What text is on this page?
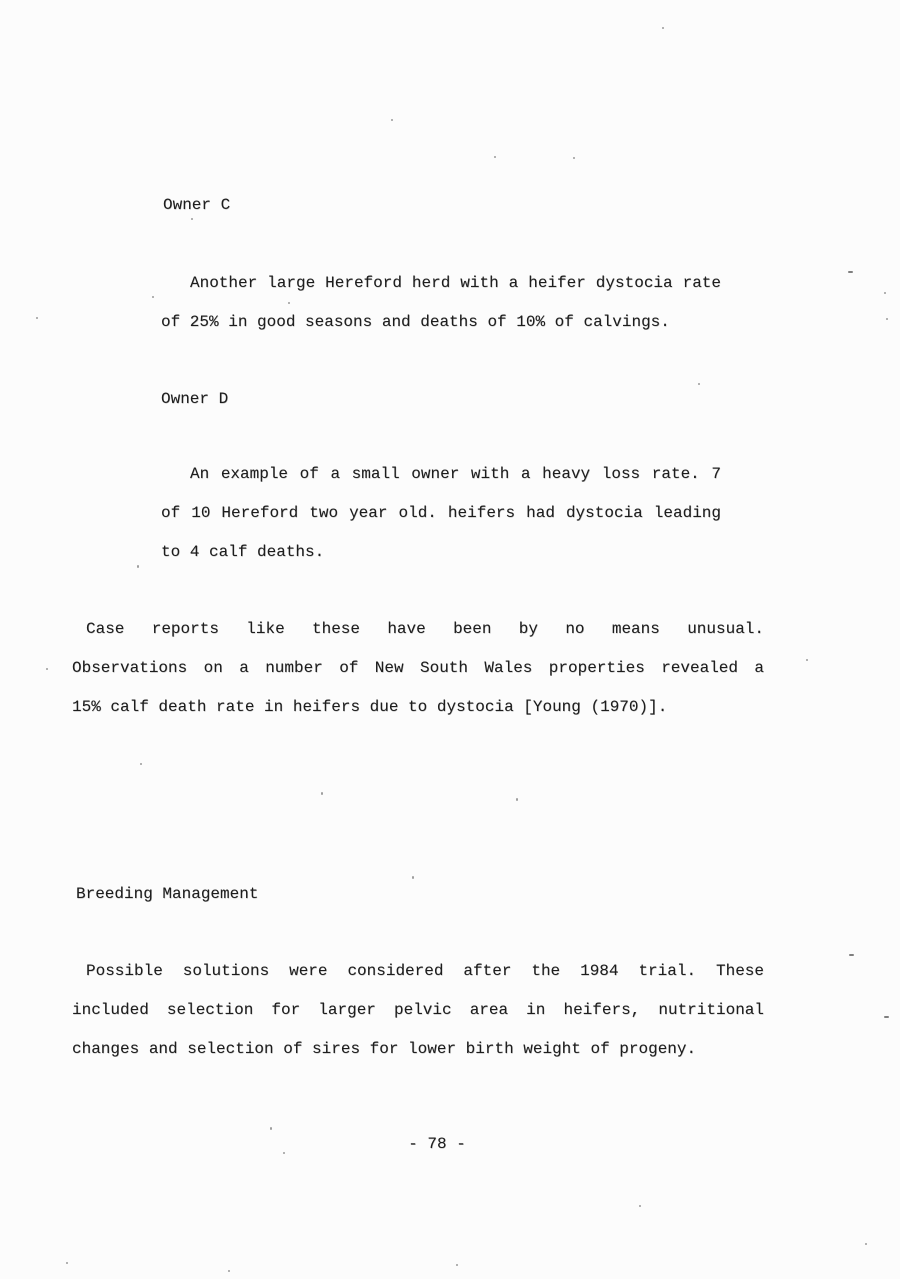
Owner C
Another large Hereford herd with a heifer dystocia rate
of 25% in good seasons and deaths of 10% of calvings.
Owner D
An example of a small owner with a heavy loss rate. 7
of 10 Hereford two year old. heifers had dystocia leading
to 4 calf deaths.
Case reports like these have been by no means unusual.
Observations on a number of New South Wales properties revealed a
15% calf death rate in heifers due to dystocia [Young (1970)].
Breeding Management
Possible solutions were considered after the 1984 trial. These
included selection for larger pelvic area in heifers, nutritional
changes and selection of sires for lower birth weight of progeny.
- 78 -
